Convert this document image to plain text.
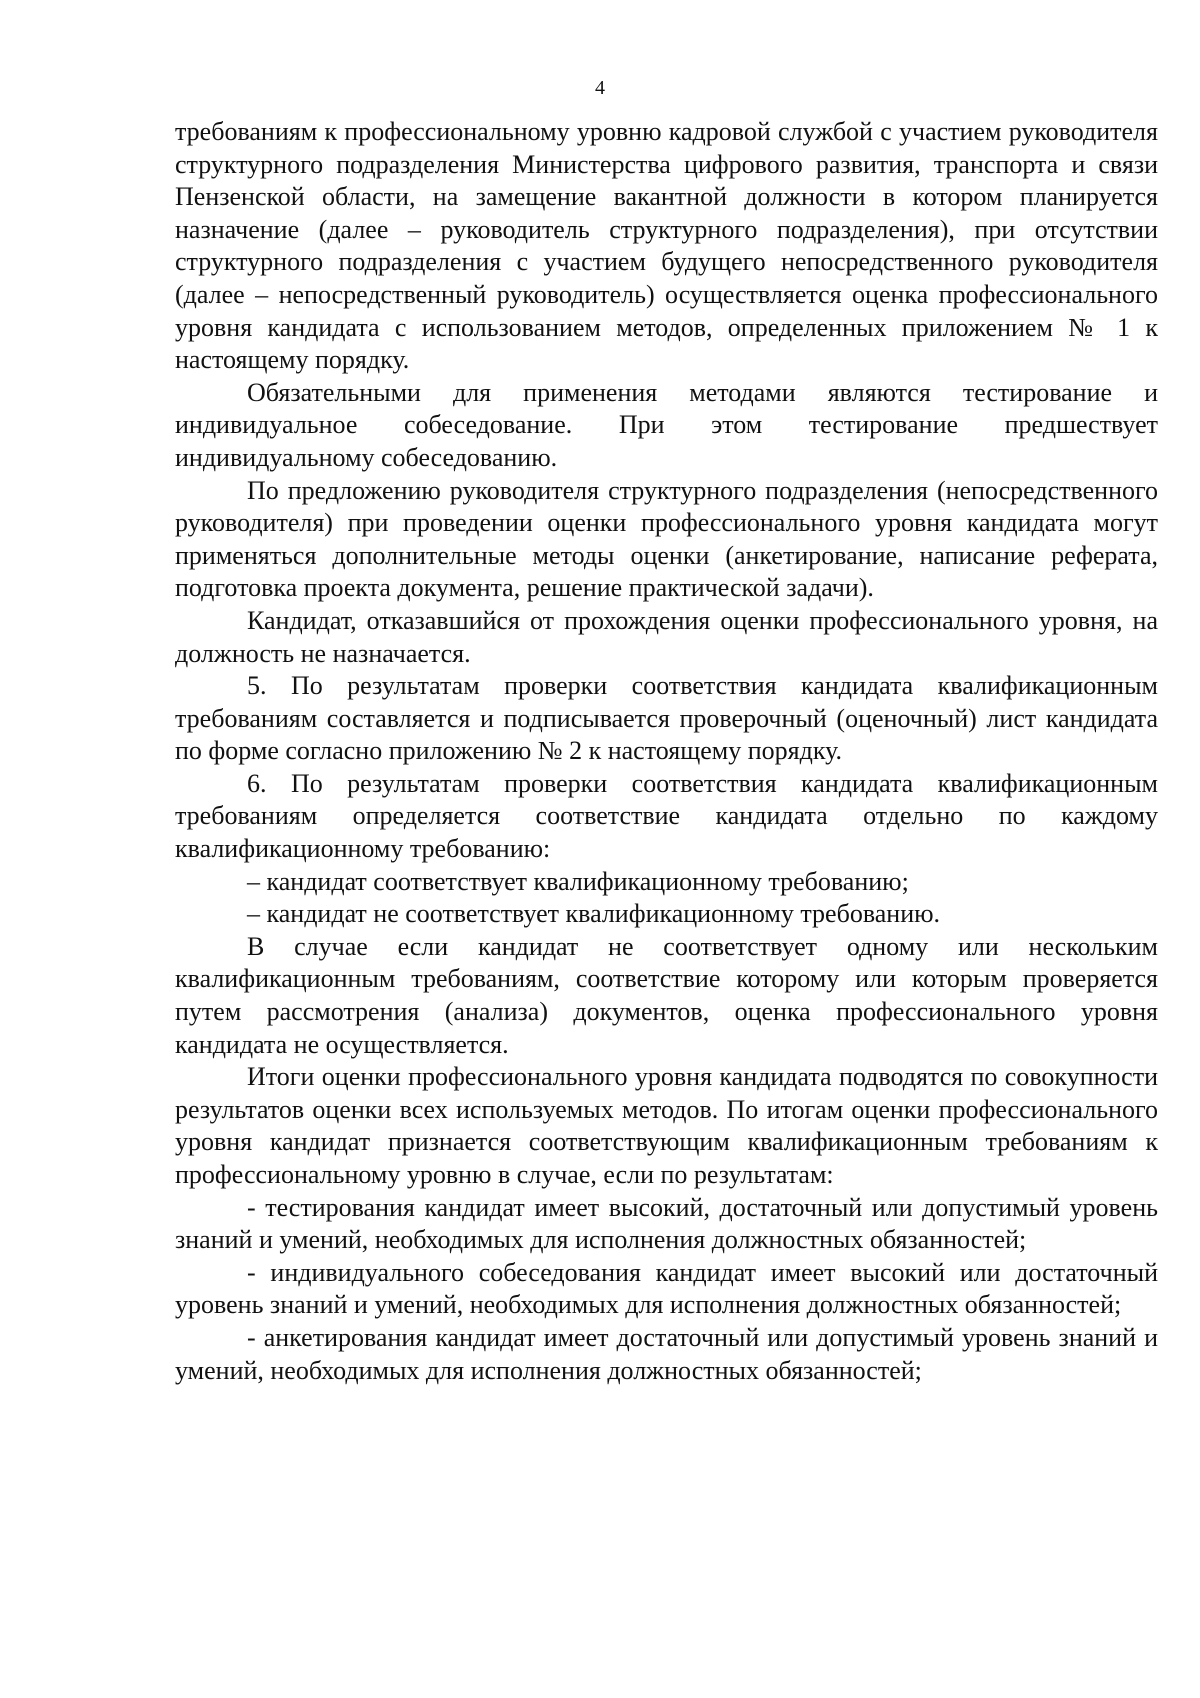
4

требованиям к профессиональному уровню кадровой службой с участием руководителя структурного подразделения Министерства цифрового развития, транспорта и связи Пензенской области, на замещение вакантной должности в котором планируется назначение (далее – руководитель структурного подразделения), при отсутствии структурного подразделения с участием будущего непосредственного руководителя (далее – непосредственный руководитель) осуществляется оценка профессионального уровня кандидата с использованием методов, определенных приложением № 1 к настоящему порядку.

Обязательными для применения методами являются тестирование и индивидуальное собеседование. При этом тестирование предшествует индивидуальному собеседованию.

По предложению руководителя структурного подразделения (непосредственного руководителя) при проведении оценки профессионального уровня кандидата могут применяться дополнительные методы оценки (анкетирование, написание реферата, подготовка проекта документа, решение практической задачи).

Кандидат, отказавшийся от прохождения оценки профессионального уровня, на должность не назначается.

5. По результатам проверки соответствия кандидата квалификационным требованиям составляется и подписывается проверочный (оценочный) лист кандидата по форме согласно приложению № 2 к настоящему порядку.

6. По результатам проверки соответствия кандидата квалификационным требованиям определяется соответствие кандидата отдельно по каждому квалификационному требованию:

– кандидат соответствует квалификационному требованию;

– кандидат не соответствует квалификационному требованию.

В случае если кандидат не соответствует одному или нескольким квалификационным требованиям, соответствие которому или которым проверяется путем рассмотрения (анализа) документов, оценка профессионального уровня кандидата не осуществляется.

Итоги оценки профессионального уровня кандидата подводятся по совокупности результатов оценки всех используемых методов. По итогам оценки профессионального уровня кандидат признается соответствующим квалификационным требованиям к профессиональному уровню в случае, если по результатам:

- тестирования кандидат имеет высокий, достаточный или допустимый уровень знаний и умений, необходимых для исполнения должностных обязанностей;

- индивидуального собеседования кандидат имеет высокий или достаточный уровень знаний и умений, необходимых для исполнения должностных обязанностей;

- анкетирования кандидат имеет достаточный или допустимый уровень знаний и умений, необходимых для исполнения должностных обязанностей;
